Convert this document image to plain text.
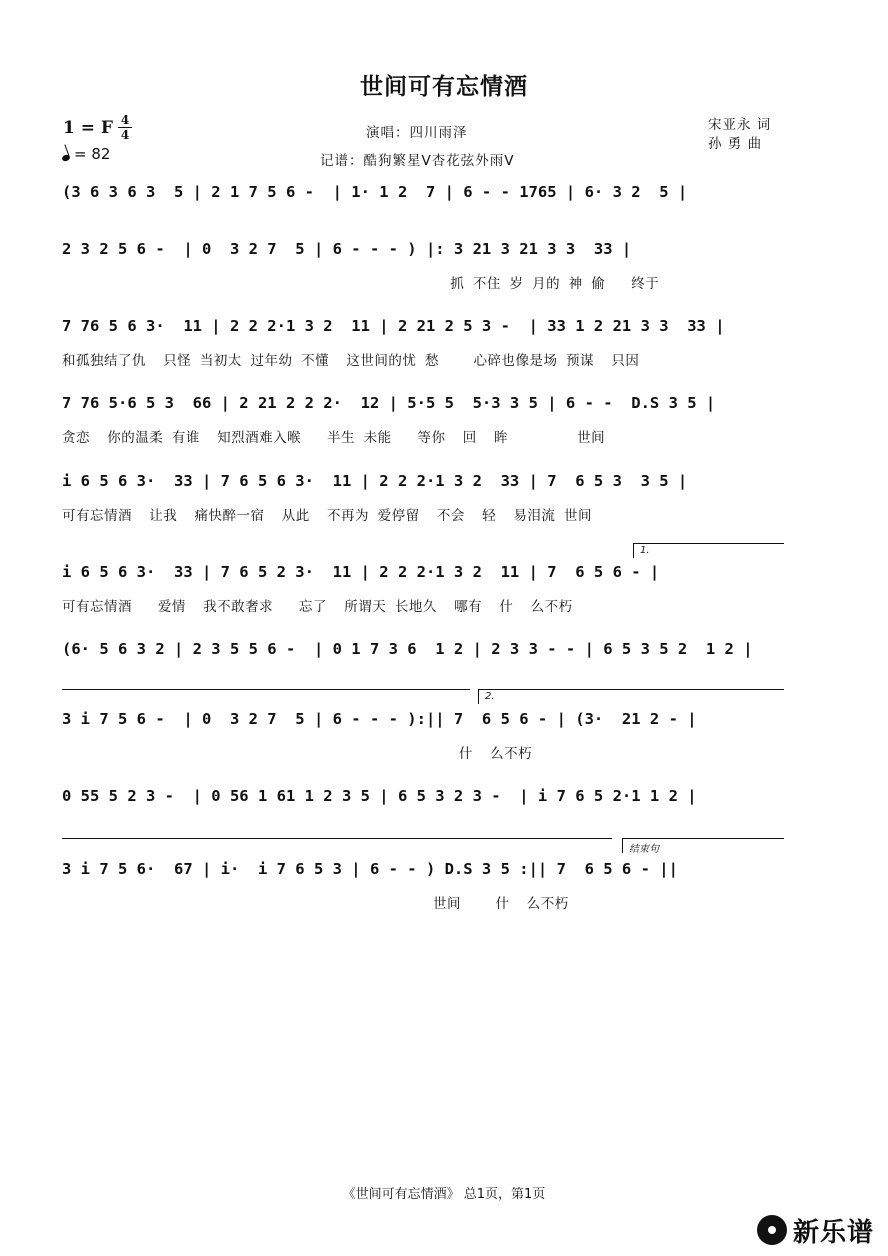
世间可有忘情酒
1 = F 4
4
= 82
演唱：四川雨泽
记谱：酷狗繁星V杏花弦外雨V
宋亚永 词
孙 勇 曲
(3 6 3 6 3  5 | 2 1 7 5 6 -  | 1· 1 2  7 | 6 - - 1765 | 6· 3 2  5 |
2 3 2 5 6 -  | 0  3 2 7  5 | 6 - - - ) |: 3 21 3 21 3 3  33 |
抓 不住 岁 月的 神 偷   终于
7 76 5 6 3·  11 | 2 2 2·1 3 2  11 | 2 21 2 5 3 -  | 33 1 2 21 3 3  33 |
和孤独结了仇  只怪 当初太 过年幼 不懂  这世间的忧 愁    心碎也像是场 预谋  只因
7 76 5·6 5 3  66 | 2 21 2 2 2·  12 | 5·5 5  5·3 3 5 | 6 - -  D.S 3 5 |
贪恋  你的温柔 有谁  知烈酒难入喉   半生 未能   等你  回  眸        世间
i 6 5 6 3·  33 | 7 6 5 6 3·  11 | 2 2 2·1 3 2  33 | 7  6 5 3  3 5 |
可有忘情酒  让我  痛快醉一宿  从此  不再为 爱停留  不会  轻  易泪流 世间
1.
i 6 5 6 3·  33 | 7 6 5 2 3·  11 | 2 2 2·1 3 2  11 | 7  6 5 6 - |
可有忘情酒   爱情  我不敢奢求   忘了  所谓天 长地久  哪有  什  么不朽
(6· 5 6 3 2 | 2 3 5 5 6 -  | 0 1 7 3 6  1 2 | 2 3 3 - - | 6 5 3 5 2  1 2 |
2.
3 i 7 5 6 -  | 0  3 2 7  5 | 6 - - - ):|| 7  6 5 6 - | (3·  21 2 - |
什  么不朽
0 55 5 2 3 -  | 0 56 1 61 1 2 3 5 | 6 5 3 2 3 -  | i 7 6 5 2·1 1 2 |
结束句
3 i 7 5 6·  67 | i·  i 7 6 5 3 | 6 - - ) D.S 3 5 :|| 7  6 5 6 - ||
世间    什  么不朽
《世间可有忘情酒》 总1页，第1页
新乐谱
